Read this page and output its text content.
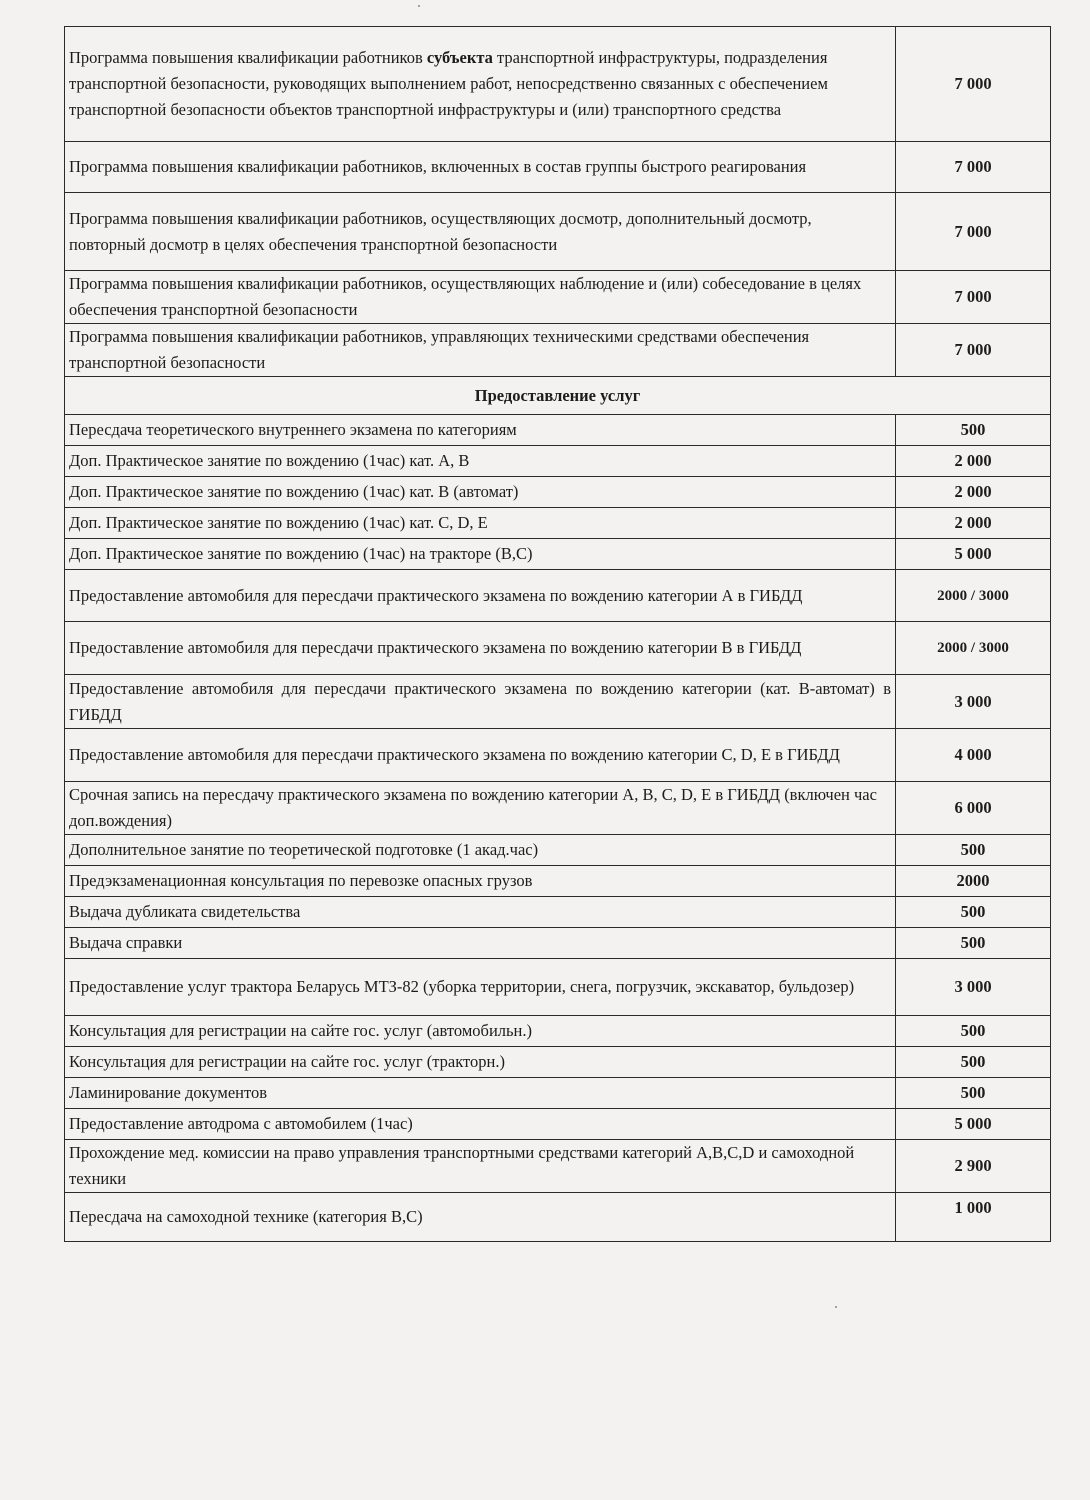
Программа повышения квалификации работников субъекта транспортной инфраструктуры, подразделения транспортной безопасности, руководящих выполнением работ, непосредственно связанных с обеспечением транспортной безопасности объектов транспортной инфраструктуры и (или) транспортного средства	7 000
Программа повышения квалификации работников, включенных в состав группы быстрого реагирования	7 000
Программа повышения квалификации работников, осуществляющих досмотр, дополнительный досмотр, повторный досмотр в целях обеспечения транспортной безопасности	7 000
Программа повышения квалификации работников, осуществляющих наблюдение и (или) собеседование в целях обеспечения транспортной безопасности	7 000
Программа повышения квалификации работников, управляющих техническими средствами обеспечения транспортной безопасности	7 000
Предоставление услуг	
Пересдача теоретического внутреннего экзамена по категориям	500
Доп. Практическое занятие по вождению (1час) кат. А, В	2 000
Доп. Практическое занятие по вождению (1час) кат. В (автомат)	2 000
Доп. Практическое занятие по вождению (1час) кат. С, D, Е	2 000
Доп. Практическое занятие по вождению (1час) на тракторе (В,С)	5 000
Предоставление автомобиля для пересдачи практического экзамена по вождению категории А в ГИБДД	2000 / 3000
Предоставление автомобиля для пересдачи практического экзамена по вождению категории В в ГИБДД	2000 / 3000
Предоставление автомобиля для пересдачи практического экзамена по вождению категории (кат. В-автомат) в ГИБДД	3 000
Предоставление автомобиля для пересдачи практического экзамена по вождению категории С, D, Е в ГИБДД	4 000
Срочная запись на пересдачу практического экзамена по вождению категории А, В, С, D, Е в ГИБДД (включен час доп.вождения)	6 000
Дополнительное занятие по теоретической подготовке (1 акад.час)	500
Предэкзаменационная консультация по перевозке опасных грузов	2000
Выдача дубликата свидетельства	500
Выдача справки	500
Предоставление услуг трактора Беларусь МТЗ-82 (уборка территории, снега, погрузчик, экскаватор, бульдозер)	3 000
Консультация для регистрации на сайте гос. услуг (автомобильн.)	500
Консультация для регистрации на сайте гос. услуг (тракторн.)	500
Ламинирование документов	500
Предоставление автодрома с автомобилем (1час)	5 000
Прохождение мед. комиссии на право управления транспортными средствами категорий А,В,С,D и самоходной техники	2 900
Пересдача на самоходной технике (категория В,С)	1 000
